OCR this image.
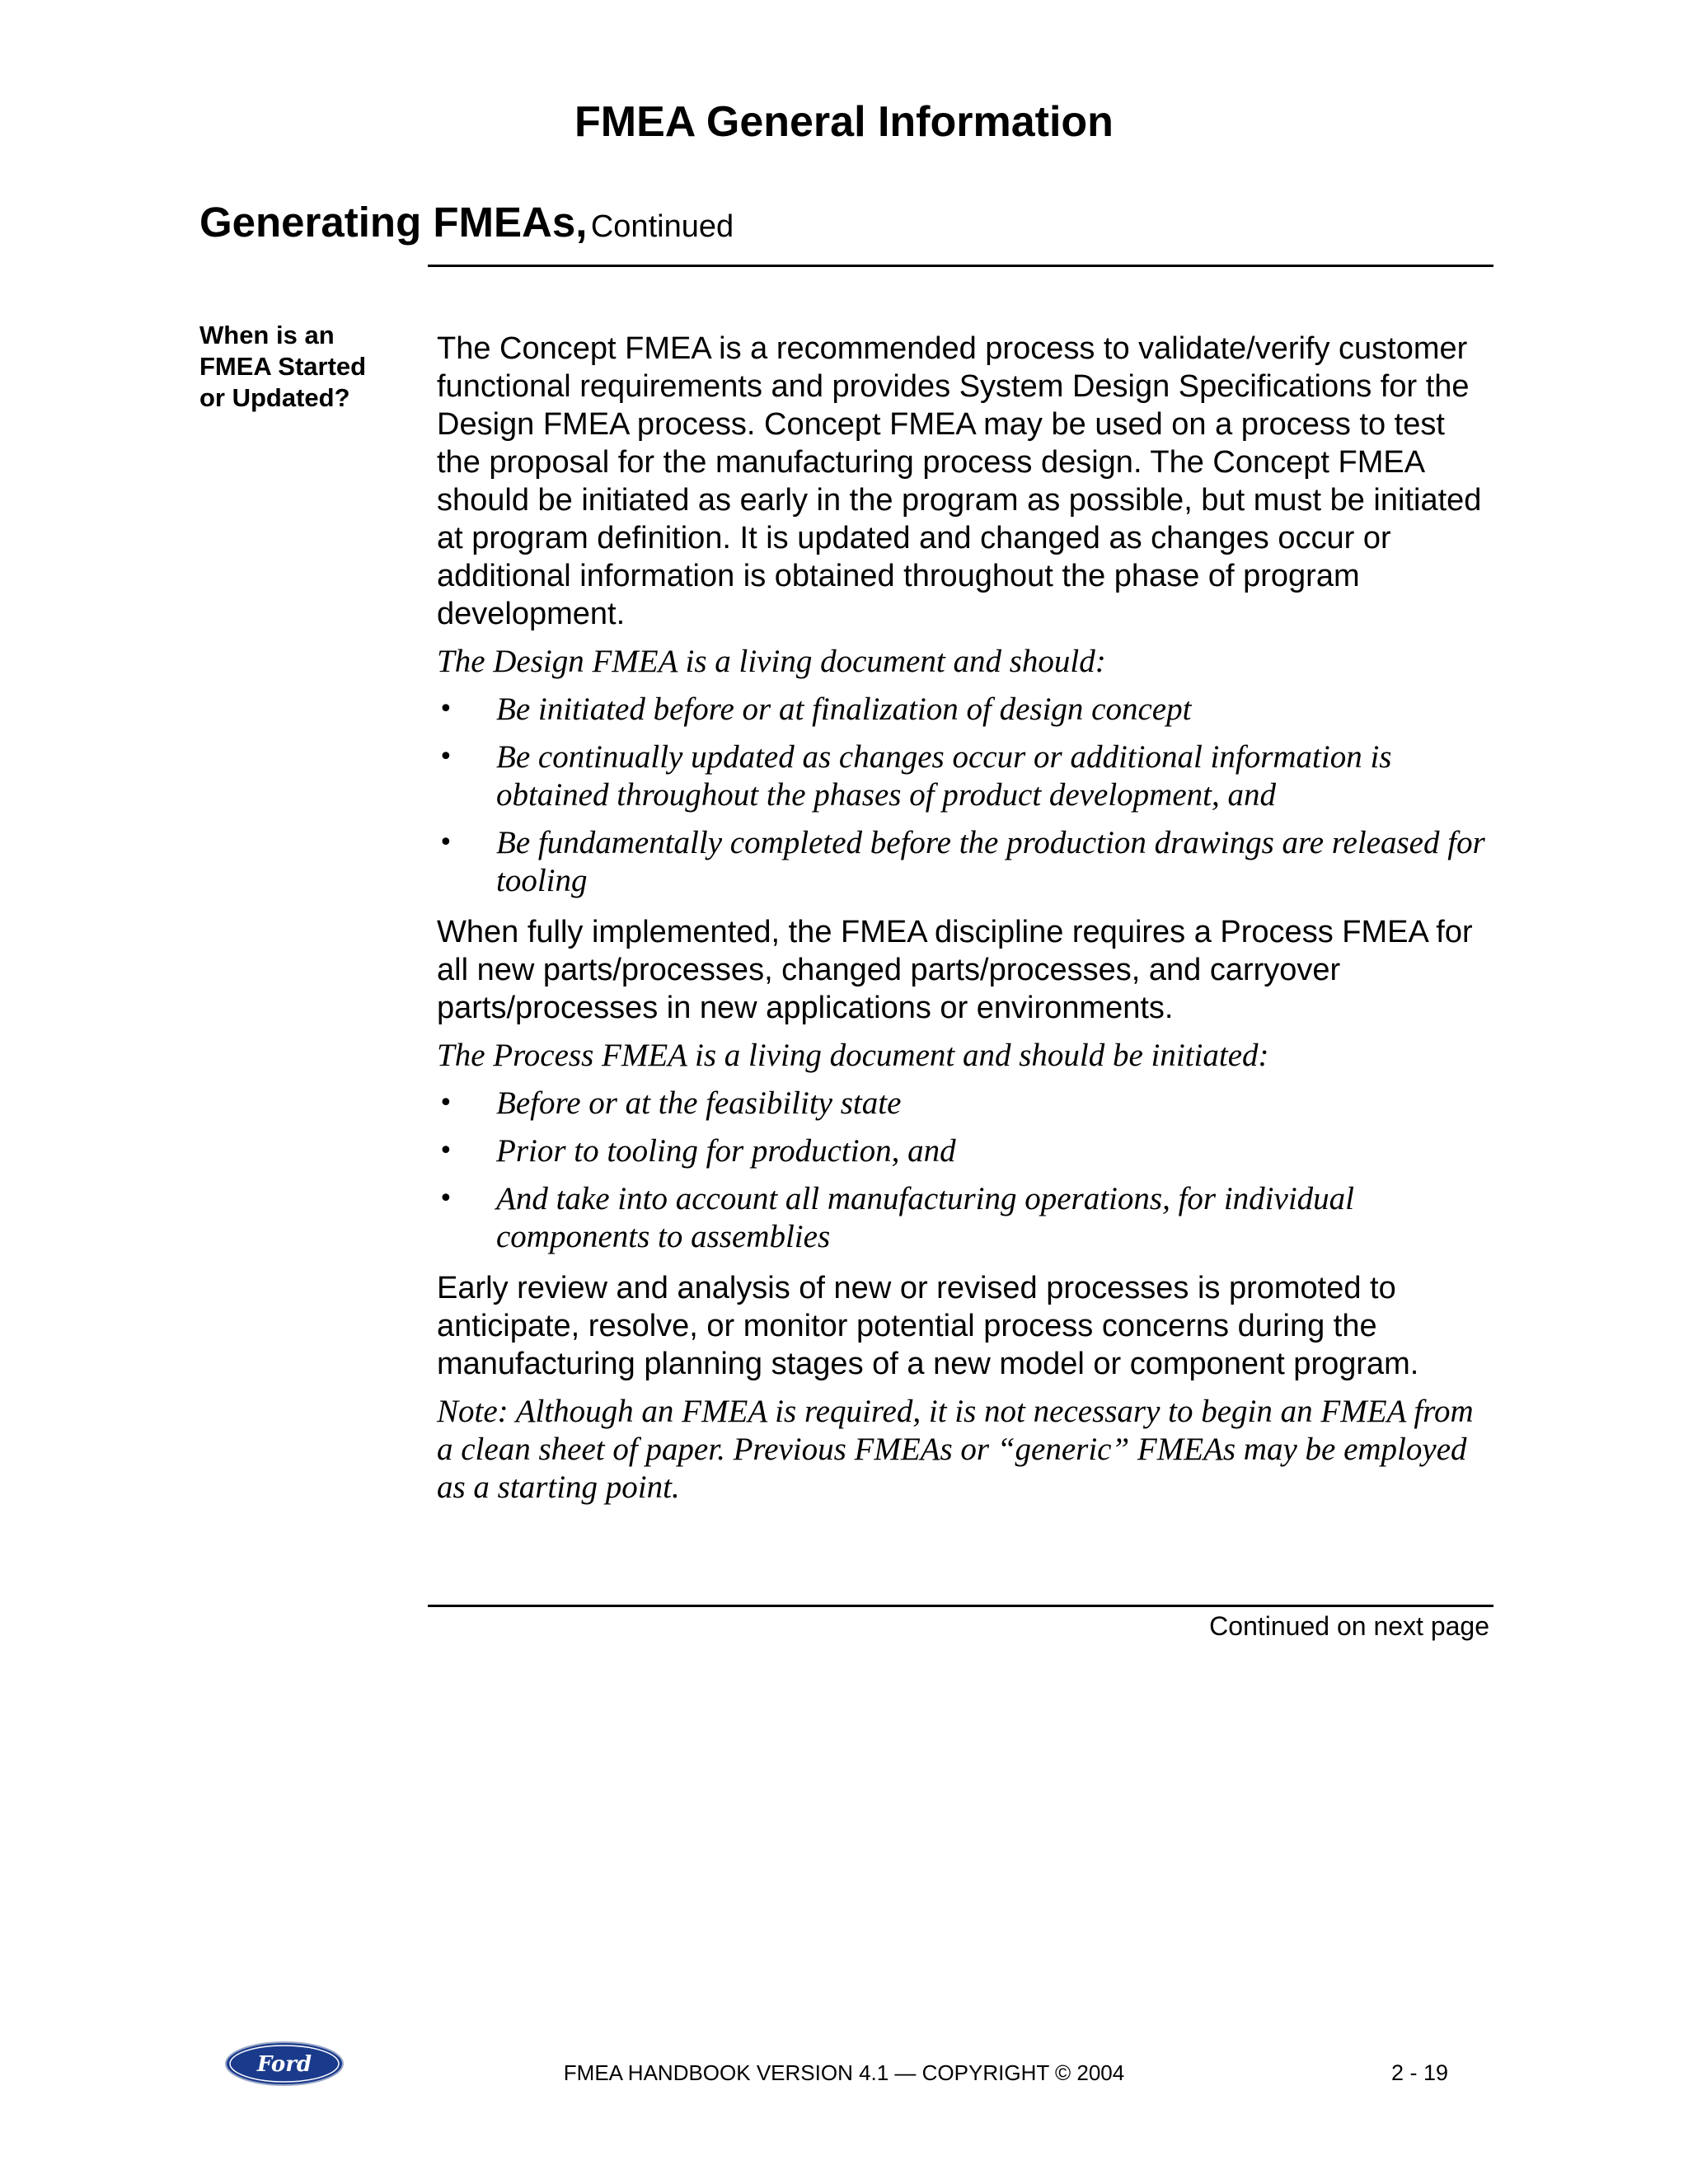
FMEA General Information
Generating FMEAs, Continued
When is an FMEA Started or Updated?

The Concept FMEA is a recommended process to validate/verify customer functional requirements and provides System Design Specifications for the Design FMEA process. Concept FMEA may be used on a process to test the proposal for the manufacturing process design. The Concept FMEA should be initiated as early in the program as possible, but must be initiated at program definition. It is updated and changed as changes occur or additional information is obtained throughout the phase of program development.

The Design FMEA is a living document and should:

• Be initiated before or at finalization of design concept
• Be continually updated as changes occur or additional information is obtained throughout the phases of product development, and
• Be fundamentally completed before the production drawings are released for tooling

When fully implemented, the FMEA discipline requires a Process FMEA for all new parts/processes, changed parts/processes, and carryover parts/processes in new applications or environments.

The Process FMEA is a living document and should be initiated:

• Before or at the feasibility state
• Prior to tooling for production, and
• And take into account all manufacturing operations, for individual components to assemblies

Early review and analysis of new or revised processes is promoted to anticipate, resolve, or monitor potential process concerns during the manufacturing planning stages of a new model or component program.

Note: Although an FMEA is required, it is not necessary to begin an FMEA from a clean sheet of paper. Previous FMEAs or “generic” FMEAs may be employed as a starting point.

Continued on next page
Ford	FMEA HANDBOOK VERSION 4.1 — COPYRIGHT © 2004	2 - 19
